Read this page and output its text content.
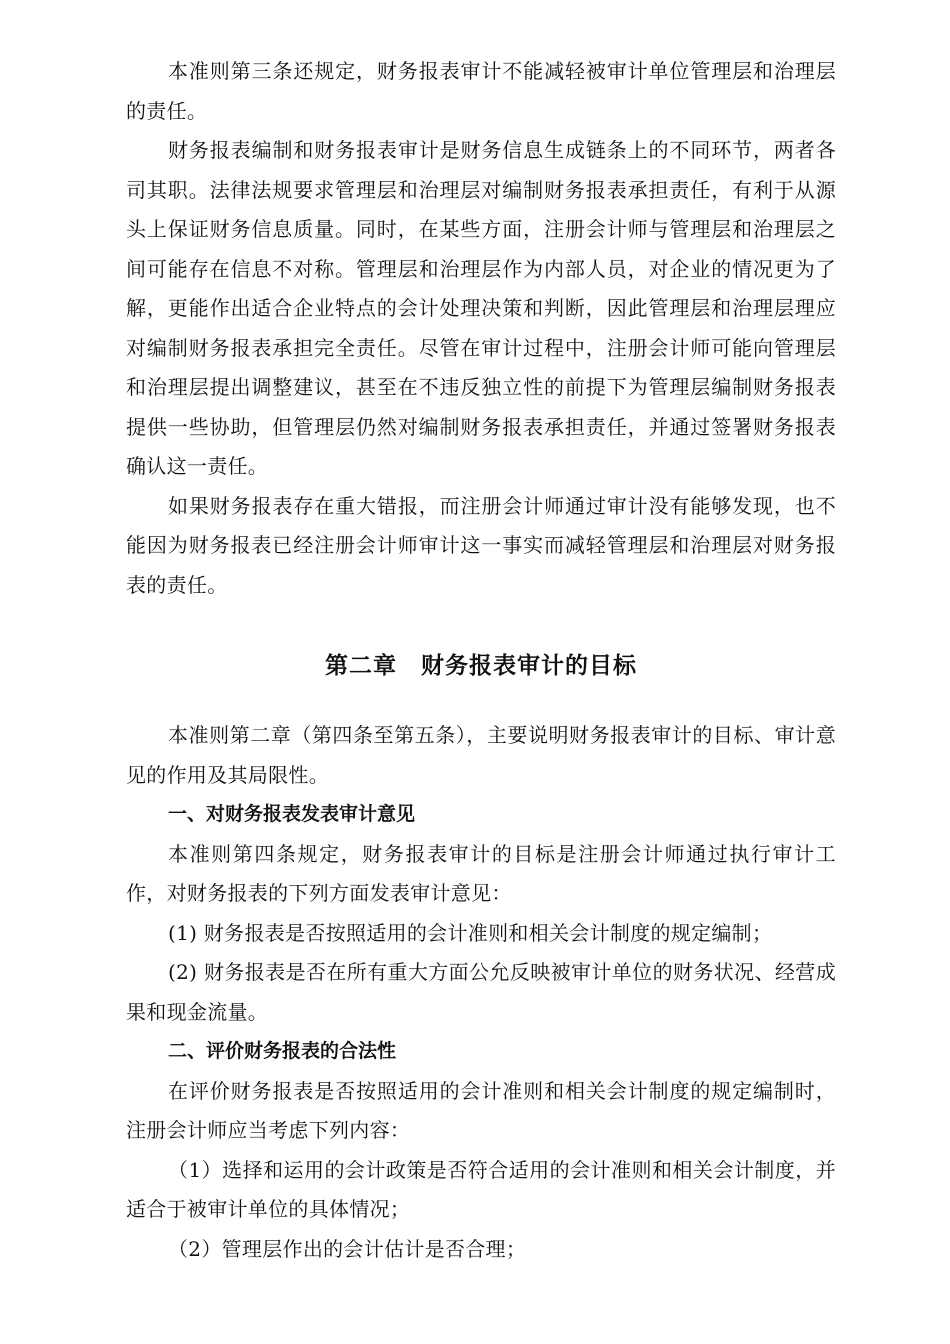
本准则第三条还规定，财务报表审计不能减轻被审计单位管理层和治理层的责任。

财务报表编制和财务报表审计是财务信息生成链条上的不同环节，两者各司其职。法律法规要求管理层和治理层对编制财务报表承担责任，有利于从源头上保证财务信息质量。同时，在某些方面，注册会计师与管理层和治理层之间可能存在信息不对称。管理层和治理层作为内部人员，对企业的情况更为了解，更能作出适合企业特点的会计处理决策和判断，因此管理层和治理层理应对编制财务报表承担完全责任。尽管在审计过程中，注册会计师可能向管理层和治理层提出调整建议，甚至在不违反独立性的前提下为管理层编制财务报表提供一些协助，但管理层仍然对编制财务报表承担责任，并通过签署财务报表确认这一责任。

如果财务报表存在重大错报，而注册会计师通过审计没有能够发现，也不能因为财务报表已经注册会计师审计这一事实而减轻管理层和治理层对财务报表的责任。

第二章　财务报表审计的目标

本准则第二章（第四条至第五条），主要说明财务报表审计的目标、审计意见的作用及其局限性。

一、对财务报表发表审计意见

本准则第四条规定，财务报表审计的目标是注册会计师通过执行审计工作，对财务报表的下列方面发表审计意见：

(1) 财务报表是否按照适用的会计准则和相关会计制度的规定编制；

(2) 财务报表是否在所有重大方面公允反映被审计单位的财务状况、经营成果和现金流量。

二、评价财务报表的合法性

在评价财务报表是否按照适用的会计准则和相关会计制度的规定编制时，注册会计师应当考虑下列内容：

（1）选择和运用的会计政策是否符合适用的会计准则和相关会计制度，并适合于被审计单位的具体情况；

（2）管理层作出的会计估计是否合理；
